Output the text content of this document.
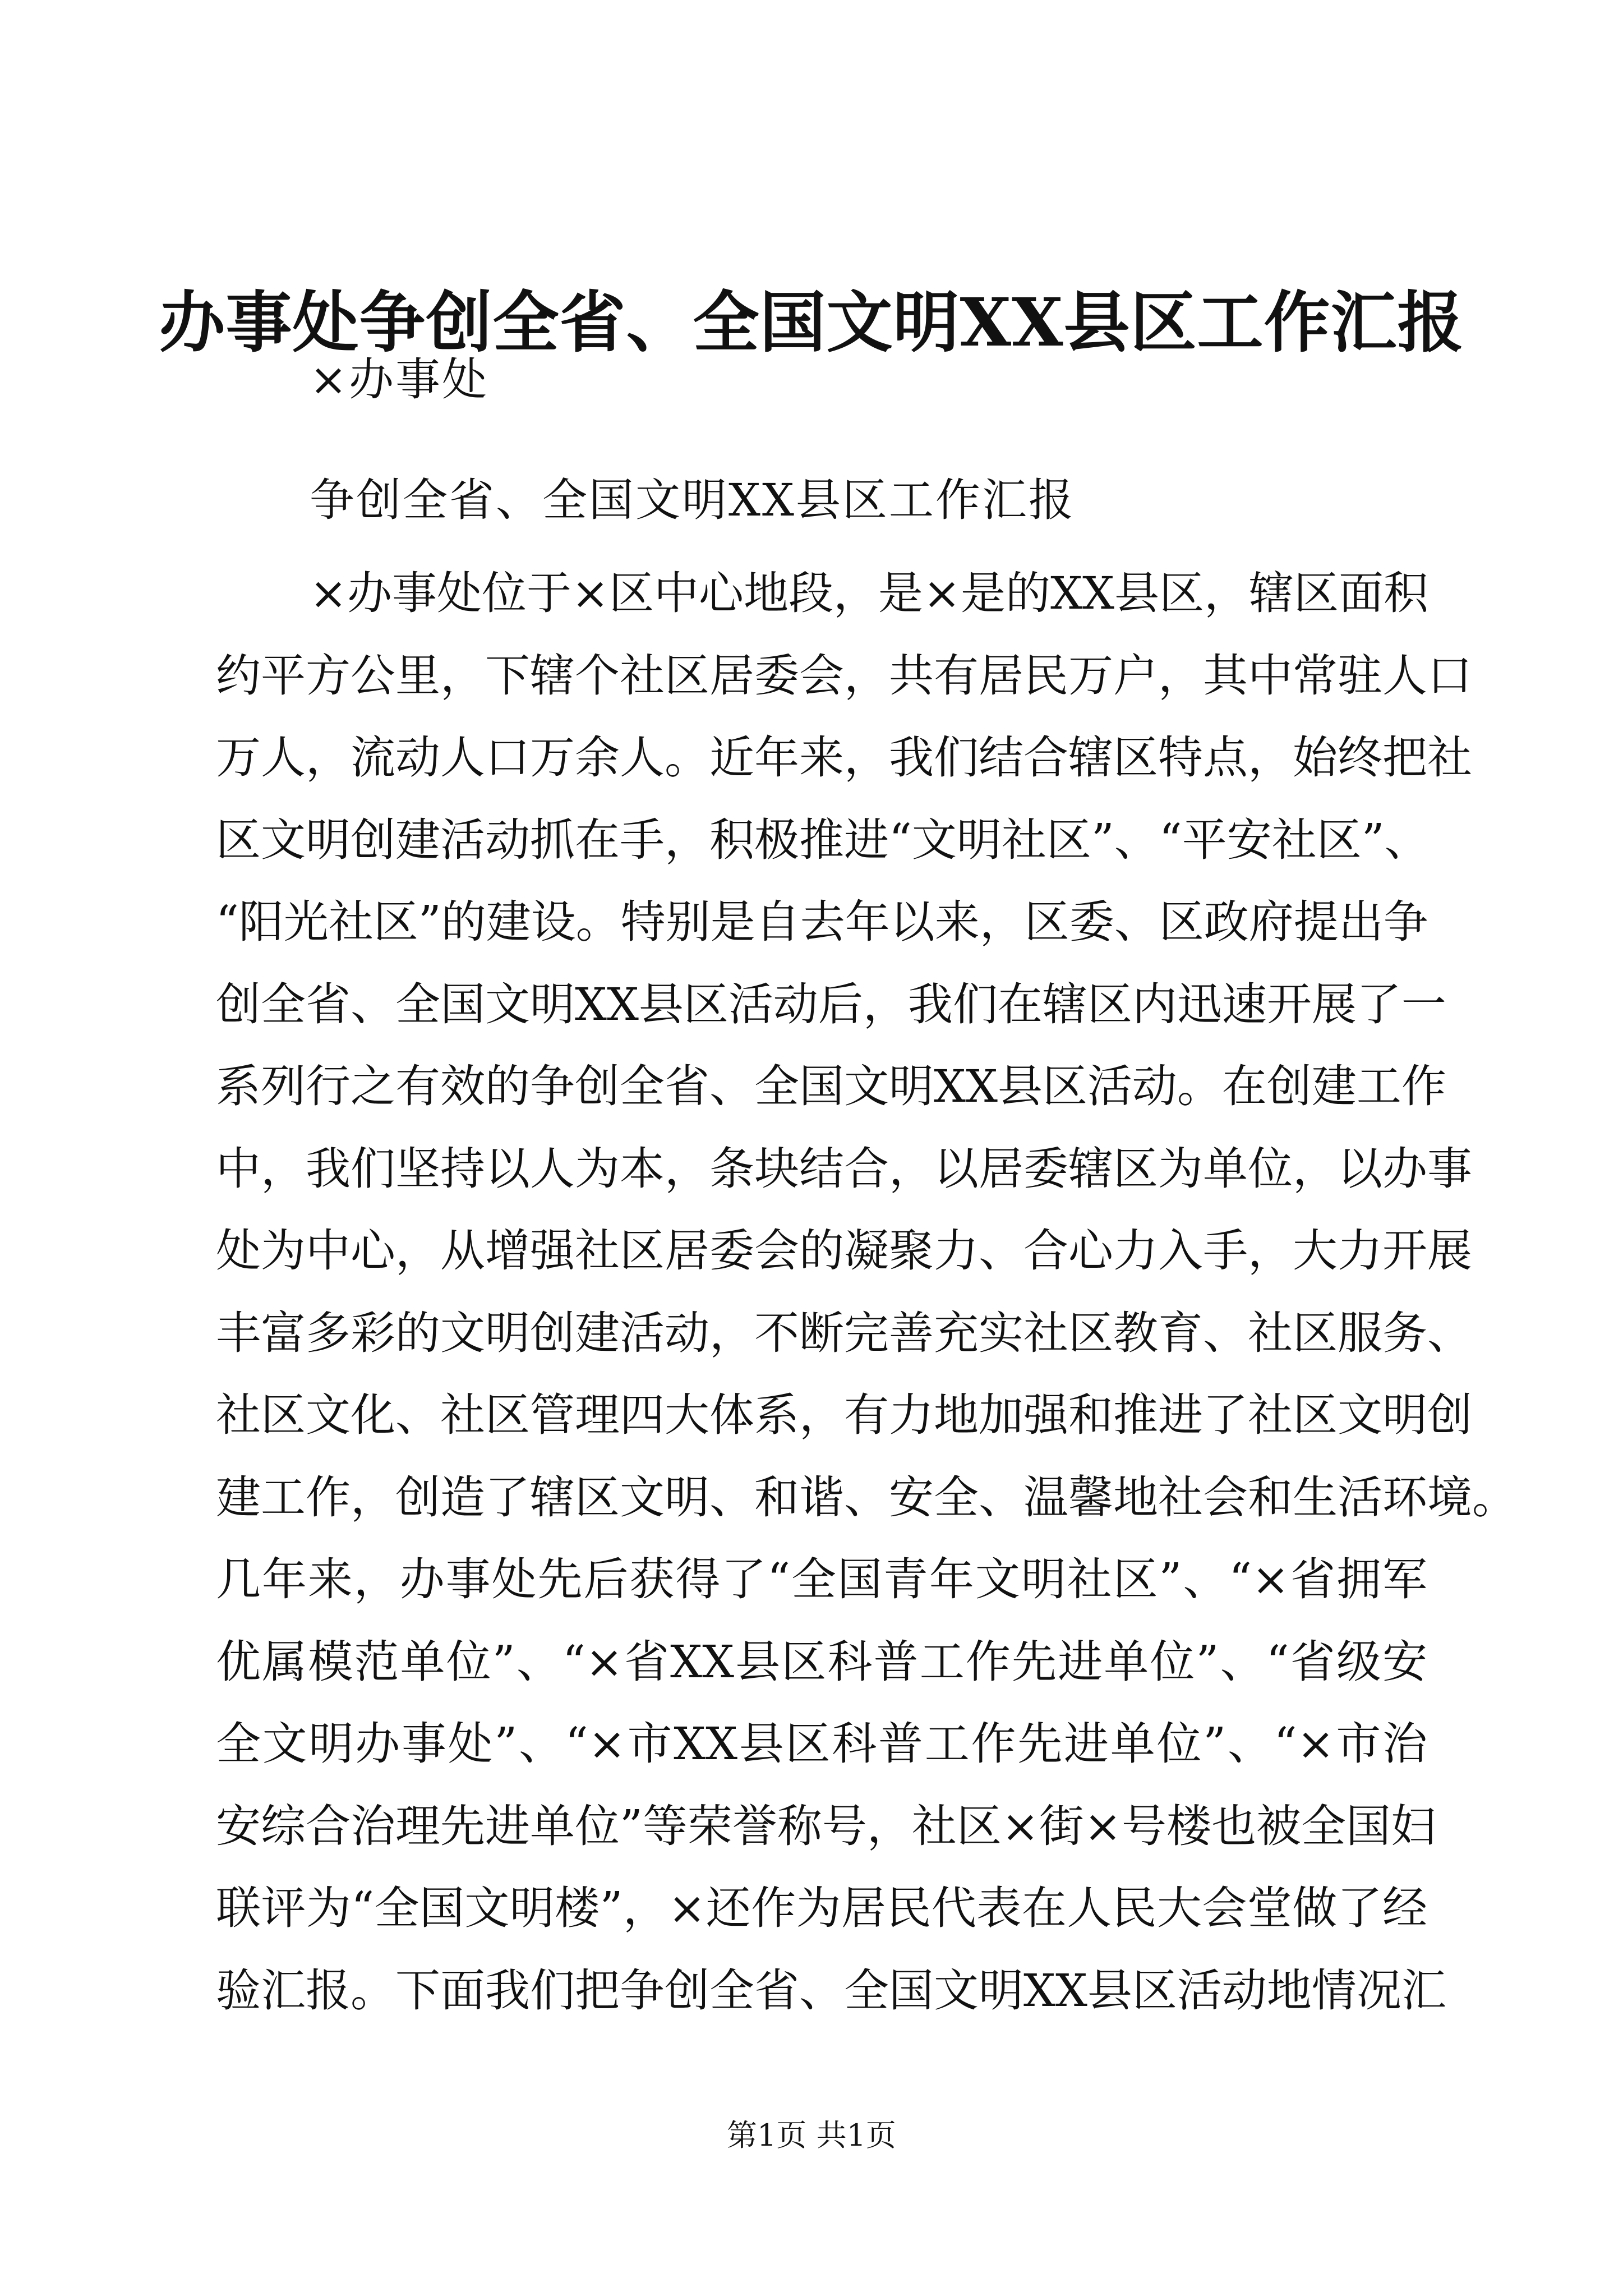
办事处争创全省、全国文明XX县区工作汇报

×办事处

争创全省、全国文明XX县区工作汇报

×办事处位于×区中心地段，是×是的XX县区，辖区面积
约平方公里，下辖个社区居委会，共有居民万户，其中常驻人口
万人，流动人口万余人。近年来，我们结合辖区特点，始终把社
区文明创建活动抓在手，积极推进“文明社区”、“平安社区”、
“阳光社区”的建设。特别是自去年以来，区委、区政府提出争
创全省、全国文明XX县区活动后，我们在辖区内迅速开展了一
系列行之有效的争创全省、全国文明XX县区活动。在创建工作
中，我们坚持以人为本，条块结合，以居委辖区为单位，以办事
处为中心，从增强社区居委会的凝聚力、合心力入手，大力开展
丰富多彩的文明创建活动，不断完善充实社区教育、社区服务、
社区文化、社区管理四大体系，有力地加强和推进了社区文明创
建工作，创造了辖区文明、和谐、安全、温馨地社会和生活环境。
几年来，办事处先后获得了“全国青年文明社区”、“×省拥军
优属模范单位”、“×省XX县区科普工作先进单位”、“省级安
全文明办事处”、“×市XX县区科普工作先进单位”、“×市治
安综合治理先进单位”等荣誉称号，社区×街×号楼也被全国妇
联评为“全国文明楼”，×还作为居民代表在人民大会堂做了经
验汇报。下面我们把争创全省、全国文明XX县区活动地情况汇

第1页 共1页
